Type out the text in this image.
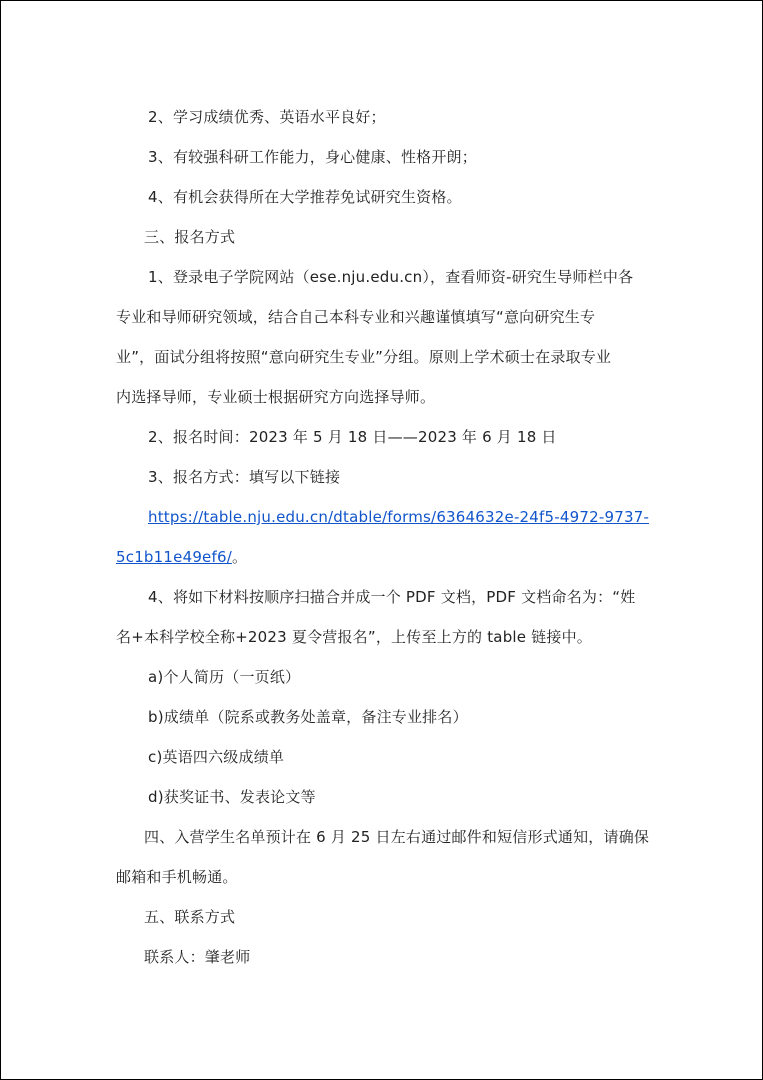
2、学习成绩优秀、英语水平良好；
3、有较强科研工作能力，身心健康、性格开朗；
4、有机会获得所在大学推荐免试研究生资格。
三、报名方式
1、登录电子学院网站（ese.nju.edu.cn），查看师资-研究生导师栏中各
专业和导师研究领域，结合自己本科专业和兴趣谨慎填写“意向研究生专
业”，面试分组将按照“意向研究生专业”分组。原则上学术硕士在录取专业
内选择导师，专业硕士根据研究方向选择导师。
2、报名时间：2023 年 5 月 18 日——2023 年 6 月 18 日
3、报名方式：填写以下链接
https://table.nju.edu.cn/dtable/forms/6364632e-24f5-4972-9737-
5c1b11e49ef6/。
4、将如下材料按顺序扫描合并成一个 PDF 文档，PDF 文档命名为：“姓
名+本科学校全称+2023 夏令营报名”，上传至上方的 table 链接中。
a)个人简历（一页纸）
b)成绩单（院系或教务处盖章，备注专业排名）
c)英语四六级成绩单
d)获奖证书、发表论文等
四、入营学生名单预计在 6 月 25 日左右通过邮件和短信形式通知，请确保
邮箱和手机畅通。
五、联系方式
联系人：肇老师
